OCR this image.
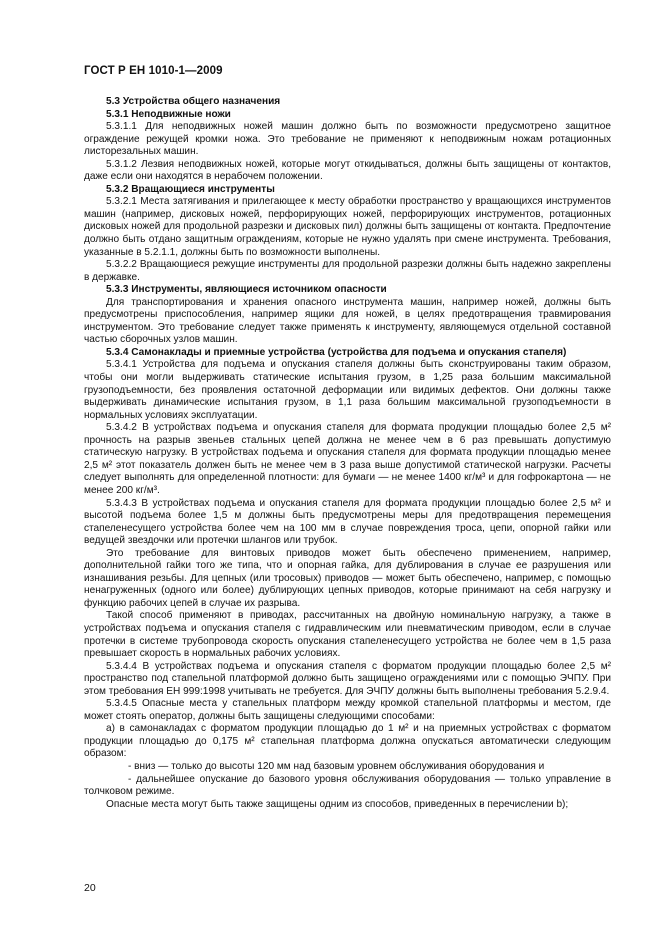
ГОСТ Р ЕН 1010-1—2009

5.3 Устройства общего назначения

5.3.1 Неподвижные ножи

5.3.1.1 Для неподвижных ножей машин должно быть по возможности предусмотрено защитное ограждение режущей кромки ножа. Это требование не применяют к неподвижным ножам ротационных листорезальных машин.

5.3.1.2 Лезвия неподвижных ножей, которые могут откидываться, должны быть защищены от контактов, даже если они находятся в нерабочем положении.

5.3.2 Вращающиеся инструменты

5.3.2.1 Места затягивания и прилегающее к месту обработки пространство у вращающихся инструментов машин (например, дисковых ножей, перфорирующих ножей, перфорирующих инструментов, ротационных дисковых ножей для продольной разрезки и дисковых пил) должны быть защищены от контакта. Предпочтение должно быть отдано защитным ограждениям, которые не нужно удалять при смене инструмента. Требования, указанные в 5.2.1.1, должны быть по возможности выполнены.

5.3.2.2 Вращающиеся режущие инструменты для продольной разрезки должны быть надежно закреплены в державке.

5.3.3 Инструменты, являющиеся источником опасности

Для транспортирования и хранения опасного инструмента машин, например ножей, должны быть предусмотрены приспособления, например ящики для ножей, в целях предотвращения травмирования инструментом. Это требование следует также применять к инструменту, являющемуся отдельной составной частью сборочных узлов машин.

5.3.4 Самонаклады и приемные устройства (устройства для подъема и опускания стапеля)

5.3.4.1 Устройства для подъема и опускания стапеля должны быть сконструированы таким образом, чтобы они могли выдерживать статические испытания грузом, в 1,25 раза большим максимальной грузоподъемности, без проявления остаточной деформации или видимых дефектов. Они должны также выдерживать динамические испытания грузом, в 1,1 раза большим максимальной грузоподъемности в нормальных условиях эксплуатации.

5.3.4.2 В устройствах подъема и опускания стапеля для формата продукции площадью более 2,5 м² прочность на разрыв звеньев стальных цепей должна не менее чем в 6 раз превышать допустимую статическую нагрузку. В устройствах подъема и опускания стапеля для формата продукции площадью менее 2,5 м² этот показатель должен быть не менее чем в 3 раза выше допустимой статической нагрузки. Расчеты следует выполнять для определенной плотности: для бумаги — не менее 1400 кг/м³ и для гофрокартона — не менее 200 кг/м³.

5.3.4.3 В устройствах подъема и опускания стапеля для формата продукции площадью более 2,5 м² и высотой подъема более 1,5 м должны быть предусмотрены меры для предотвращения перемещения стапеленесущего устройства более чем на 100 мм в случае повреждения троса, цепи, опорной гайки или ведущей звездочки или протечки шлангов или трубок.

Это требование для винтовых приводов может быть обеспечено применением, например, дополнительной гайки того же типа, что и опорная гайка, для дублирования в случае ее разрушения или изнашивания резьбы. Для цепных (или тросовых) приводов — может быть обеспечено, например, с помощью ненагруженных (одного или более) дублирующих цепных приводов, которые принимают на себя нагрузку и функцию рабочих цепей в случае их разрыва.

Такой способ применяют в приводах, рассчитанных на двойную номинальную нагрузку, а также в устройствах подъема и опускания стапеля с гидравлическим или пневматическим приводом, если в случае протечки в системе трубопровода скорость опускания стапеленесущего устройства не более чем в 1,5 раза превышает скорость в нормальных рабочих условиях.

5.3.4.4 В устройствах подъема и опускания стапеля с форматом продукции площадью более 2,5 м² пространство под стапельной платформой должно быть защищено ограждениями или с помощью ЭЧПУ. При этом требования ЕН 999:1998 учитывать не требуется. Для ЭЧПУ должны быть выполнены требования 5.2.9.4.

5.3.4.5 Опасные места у стапельных платформ между кромкой стапельной платформы и местом, где может стоять оператор, должны быть защищены следующими способами:

а) в самонакладах с форматом продукции площадью до 1 м² и на приемных устройствах с форматом продукции площадью до 0,175 м² стапельная платформа должна опускаться автоматически следующим образом:

- вниз — только до высоты 120 мм над базовым уровнем обслуживания оборудования и

- дальнейшее опускание до базового уровня обслуживания оборудования — только управление в толчковом режиме.

Опасные места могут быть также защищены одним из способов, приведенных в перечислении b);

20
